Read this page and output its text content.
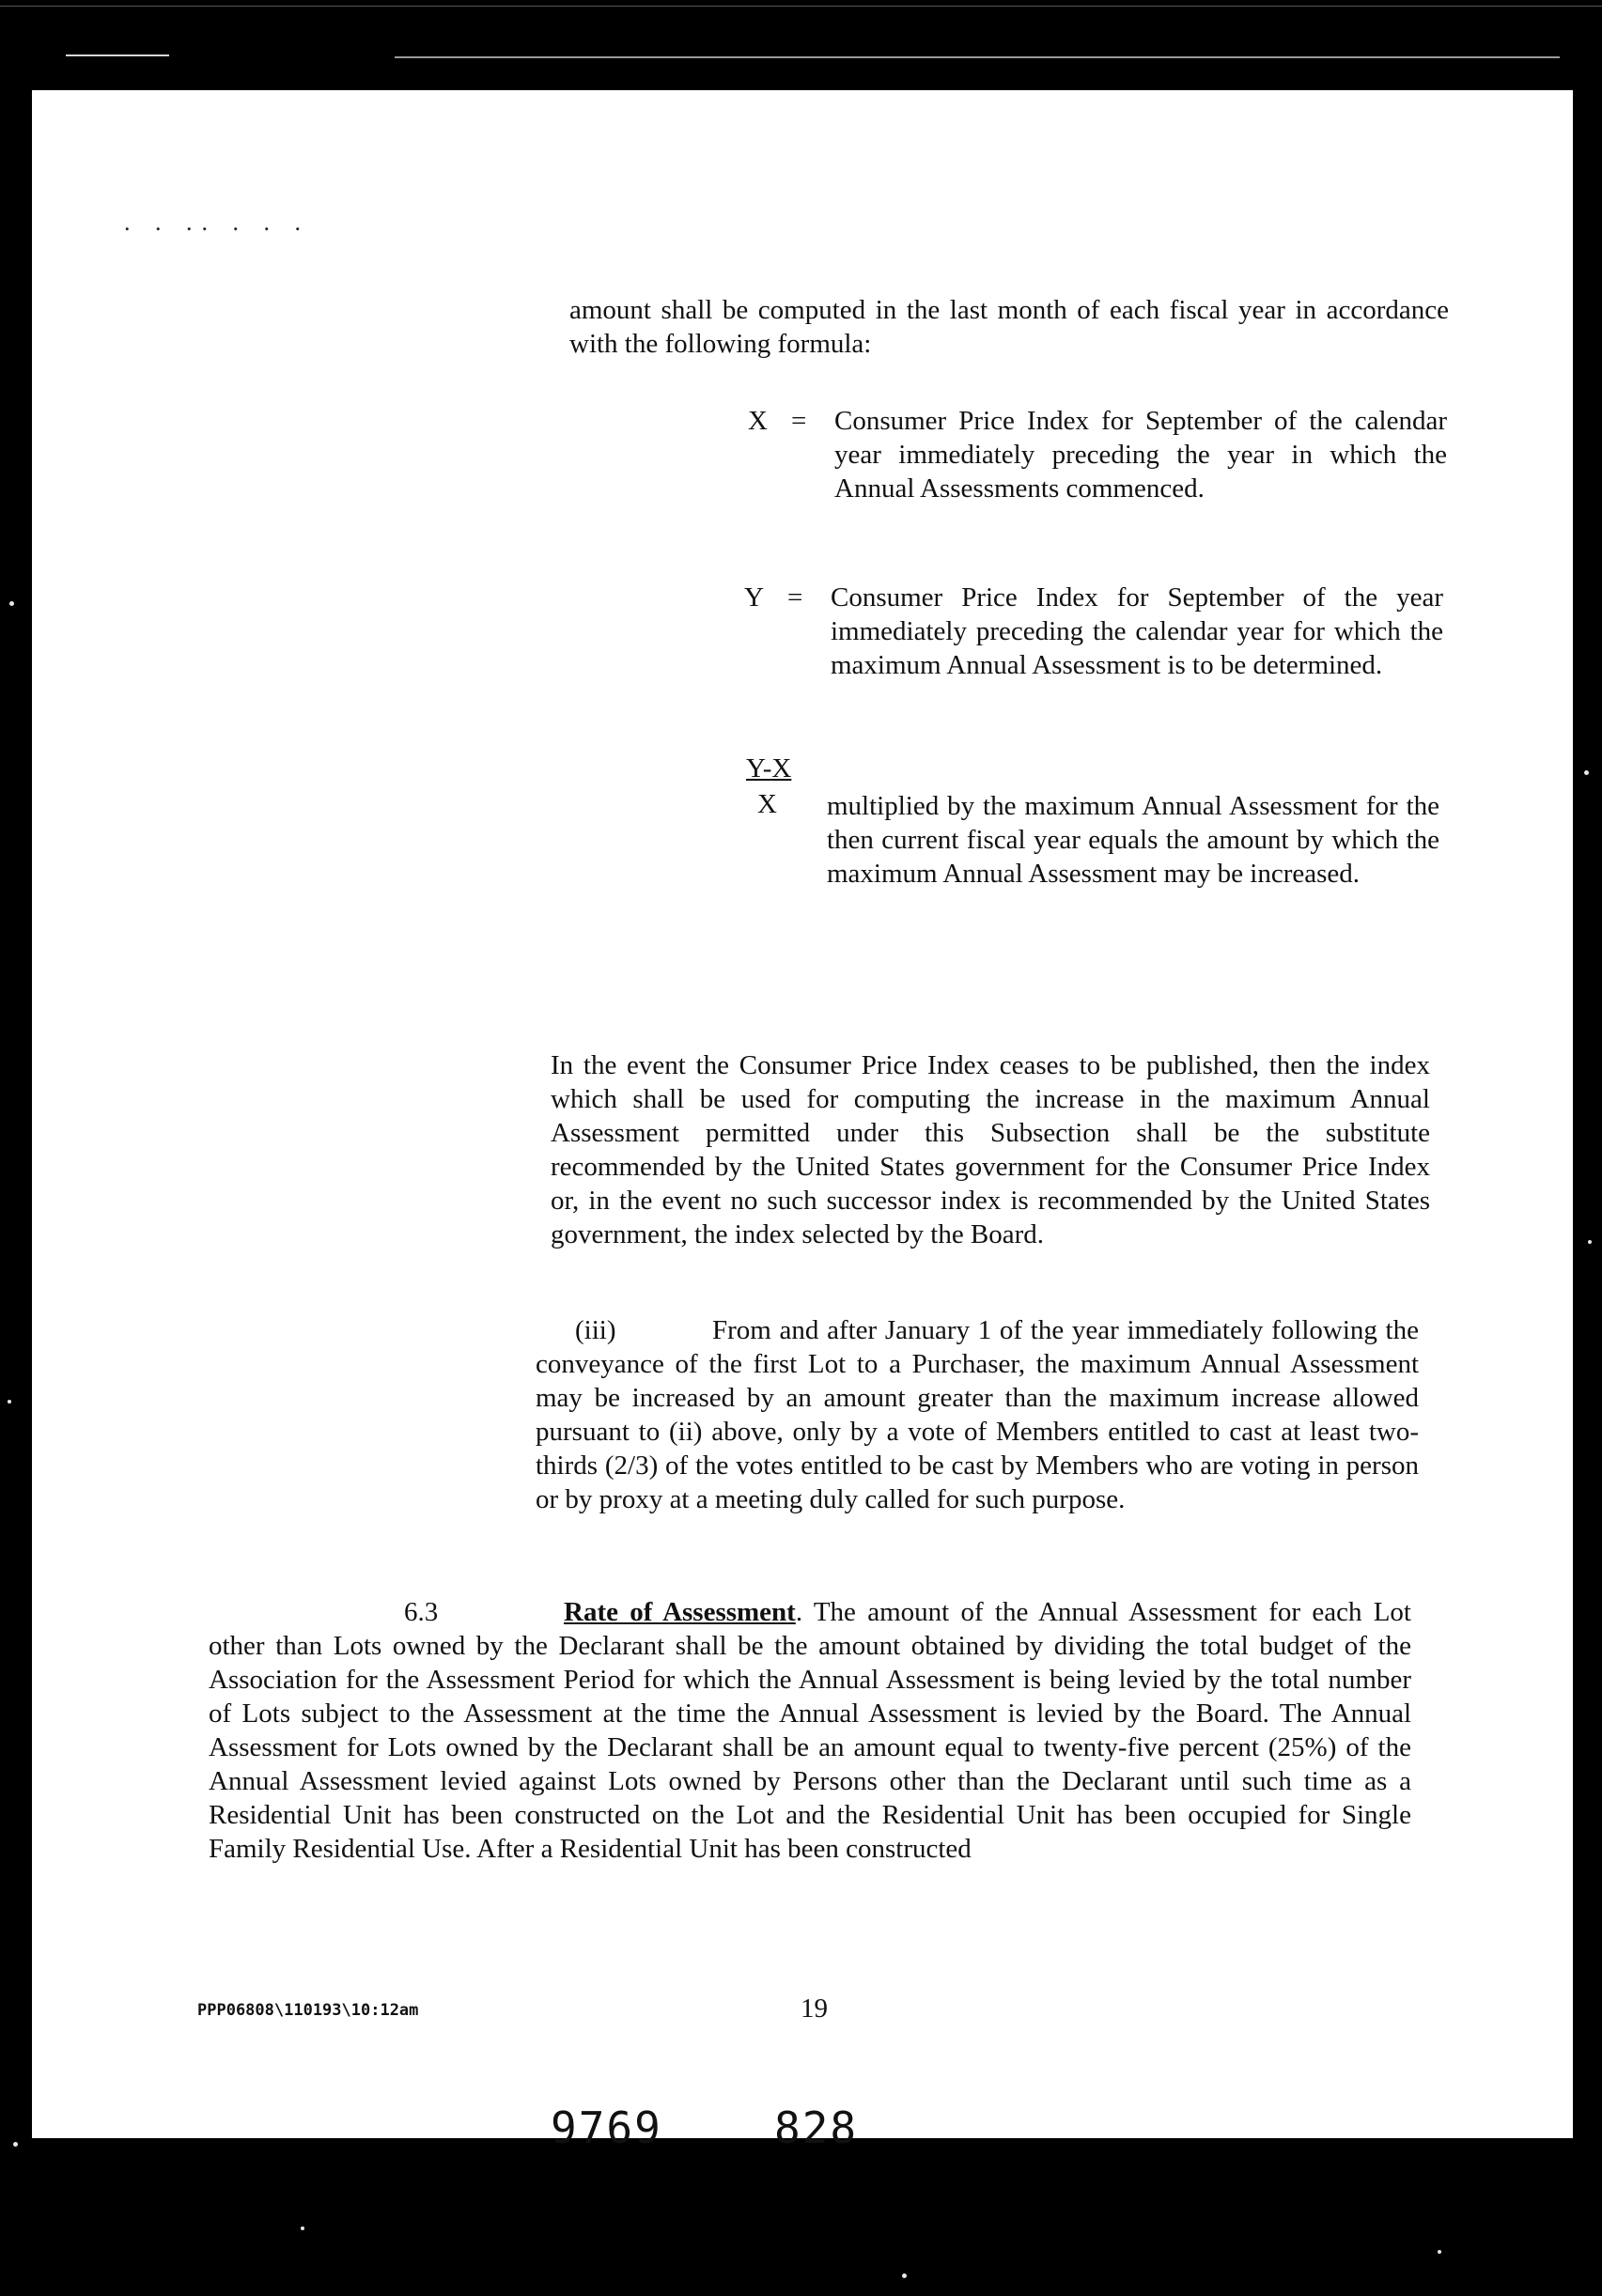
. . .. . . .

amount shall be computed in the last month of each fiscal year in accordance with the following formula:

X = Consumer Price Index for September of the calendar year immediately preceding the year in which the Annual Assessments commenced.

Y = Consumer Price Index for September of the year immediately preceding the calendar year for which the maximum Annual Assessment is to be determined.

Y-X
X multiplied by the maximum Annual Assessment for the then current fiscal year equals the amount by which the maximum Annual Assessment may be increased.

In the event the Consumer Price Index ceases to be published, then the index which shall be used for computing the increase in the maximum Annual Assessment permitted under this Subsection shall be the substitute recommended by the United States government for the Consumer Price Index or, in the event no such successor index is recommended by the United States government, the index selected by the Board.

(iii)	From and after January 1 of the year immediately following the conveyance of the first Lot to a Purchaser, the maximum Annual Assessment may be increased by an amount greater than the maximum increase allowed pursuant to (ii) above, only by a vote of Members entitled to cast at least two-thirds (2/3) of the votes entitled to be cast by Members who are voting in person or by proxy at a meeting duly called for such purpose.

6.3	Rate of Assessment. The amount of the Annual Assessment for each Lot other than Lots owned by the Declarant shall be the amount obtained by dividing the total budget of the Association for the Assessment Period for which the Annual Assessment is being levied by the total number of Lots subject to the Assessment at the time the Annual Assessment is levied by the Board. The Annual Assessment for Lots owned by the Declarant shall be an amount equal to twenty-five percent (25%) of the Annual Assessment levied against Lots owned by Persons other than the Declarant until such time as a Residential Unit has been constructed on the Lot and the Residential Unit has been occupied for Single Family Residential Use. After a Residential Unit has been constructed

PPP06808\110193\10:12am	19
9769	828
